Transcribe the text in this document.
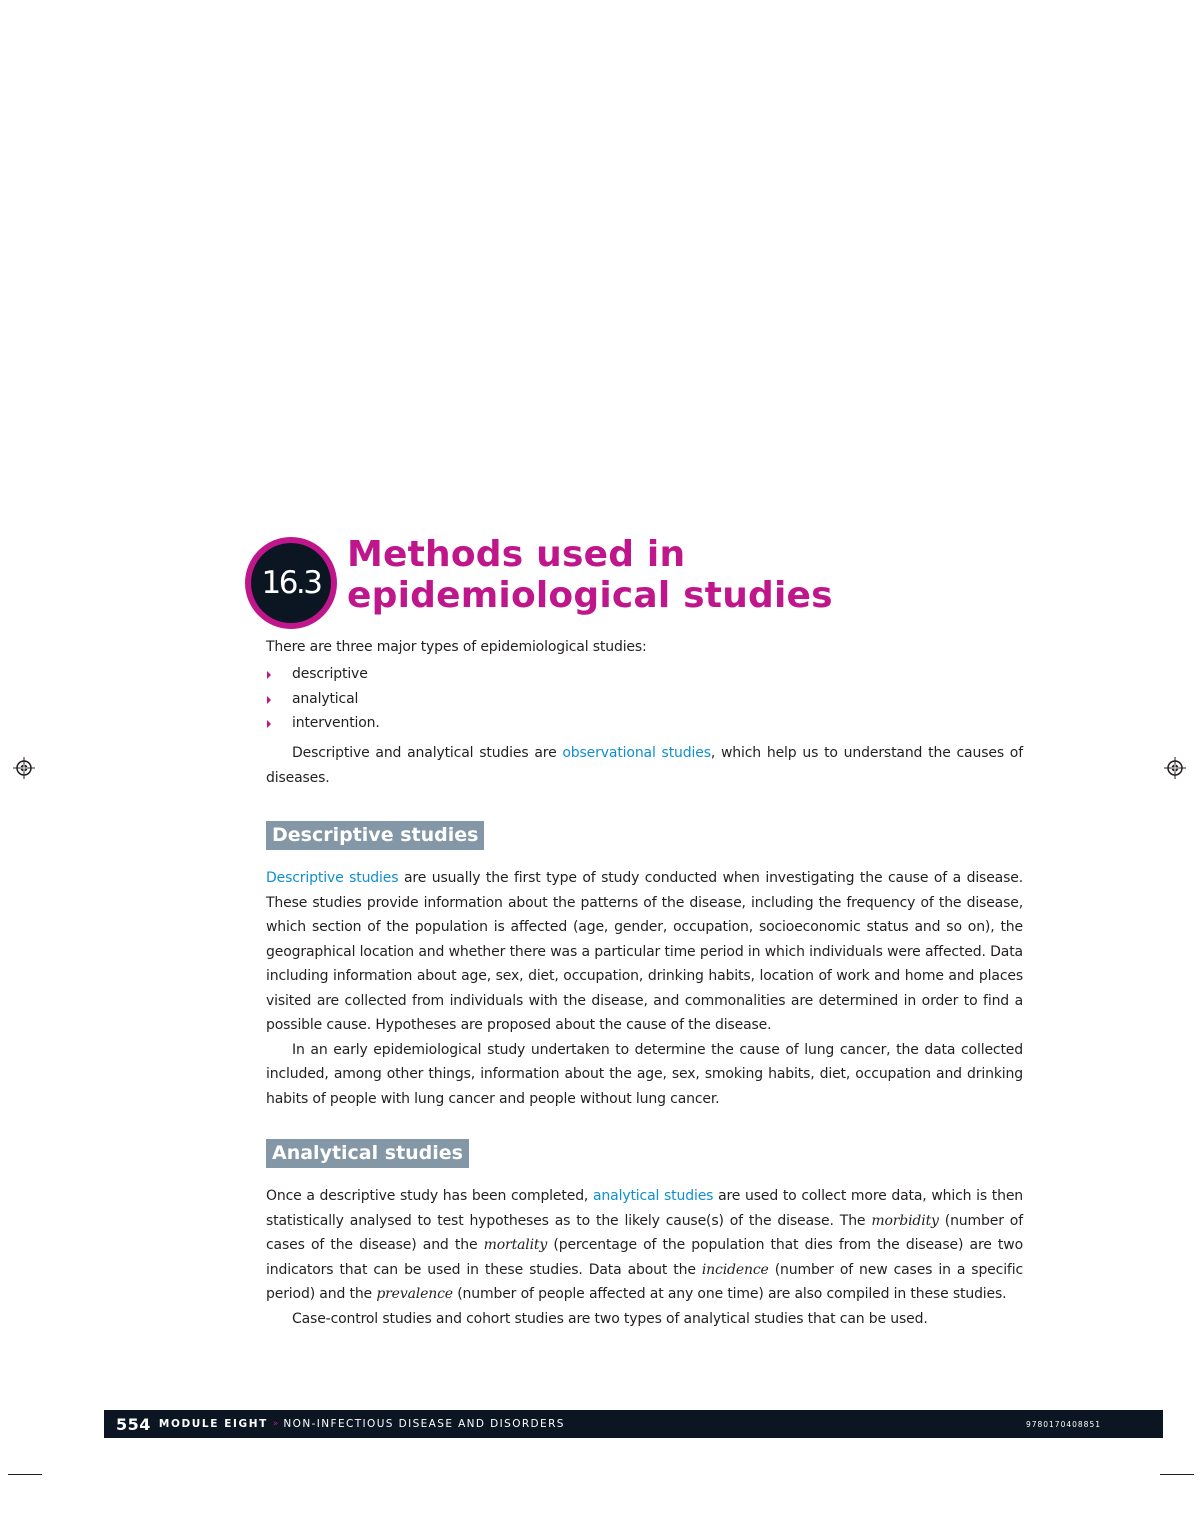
16.3
Methods used in epidemiological studies
There are three major types of epidemiological studies:
descriptive
analytical
intervention.
Descriptive and analytical studies are observational studies, which help us to understand the causes of diseases.
Descriptive studies

Descriptive studies are usually the first type of study conducted when investigating the cause of a disease. These studies provide information about the patterns of the disease, including the frequency of the disease, which section of the population is affected (age, gender, occupation, socioeconomic status and so on), the geographical location and whether there was a particular time period in which individuals were affected. Data including information about age, sex, diet, occupation, drinking habits, location of work and home and places visited are collected from individuals with the disease, and commonalities are determined in order to find a possible cause. Hypotheses are proposed about the cause of the disease.

In an early epidemiological study undertaken to determine the cause of lung cancer, the data collected included, among other things, information about the age, sex, smoking habits, diet, occupation and drinking habits of people with lung cancer and people without lung cancer.

Analytical studies

Once a descriptive study has been completed, analytical studies are used to collect more data, which is then statistically analysed to test hypotheses as to the likely cause(s) of the disease. The morbidity (number of cases of the disease) and the mortality (percentage of the population that dies from the disease) are two indicators that can be used in these studies. Data about the incidence (number of new cases in a specific period) and the prevalence (number of people affected at any one time) are also compiled in these studies.

Case-control studies and cohort studies are two types of analytical studies that can be used.

554 MODULE EIGHT » NON-INFECTIOUS DISEASE AND DISORDERS	9780170408851
